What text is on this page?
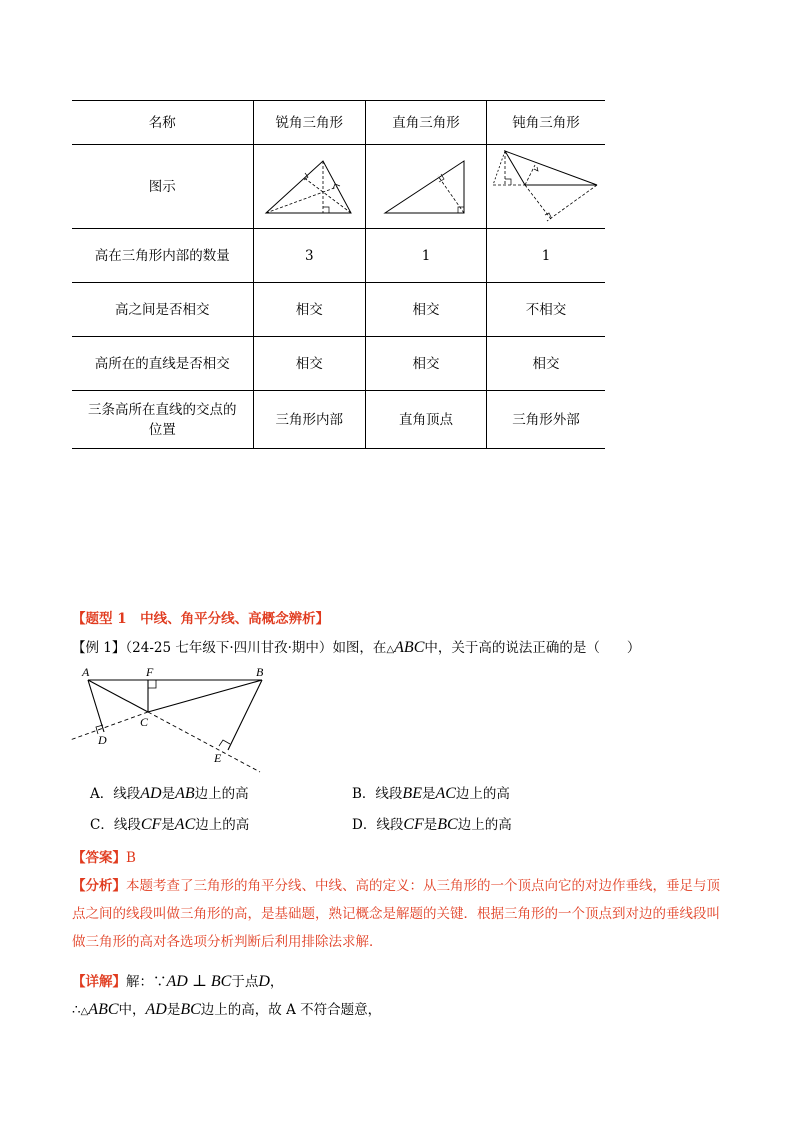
名称	锐角三角形	直角三角形	钝角三角形
图示	

高在三角形内部的数量	3	1	1
高之间是否相交	相交	相交	不相交
高所在的直线是否相交	相交	相交	相交
三条高所在直线的交点的位置	三角形内部	直角顶点	三角形外部
【题型 1　中线、角平分线、高概念辨析】
【例 1】（24-25 七年级下·四川甘孜·期中）如图，在△ABC中，关于高的说法正确的是（　　）
A	F	B
C
D
E
A．线段AD是AB边上的高	B．线段BE是AC边上的高
C．线段CF是AC边上的高	D．线段CF是BC边上的高
【答案】B
【分析】本题考查了三角形的角平分线、中线、高的定义：从三角形的一个顶点向它的对边作垂线，垂足与顶点之间的线段叫做三角形的高，是基础题，熟记概念是解题的关键．根据三角形的一个顶点到对边的垂线段叫做三角形的高对各选项分析判断后利用排除法求解．
【详解】解：∵AD ⊥ BC于点D，
∴△ABC中，AD是BC边上的高，故 A 不符合题意，
